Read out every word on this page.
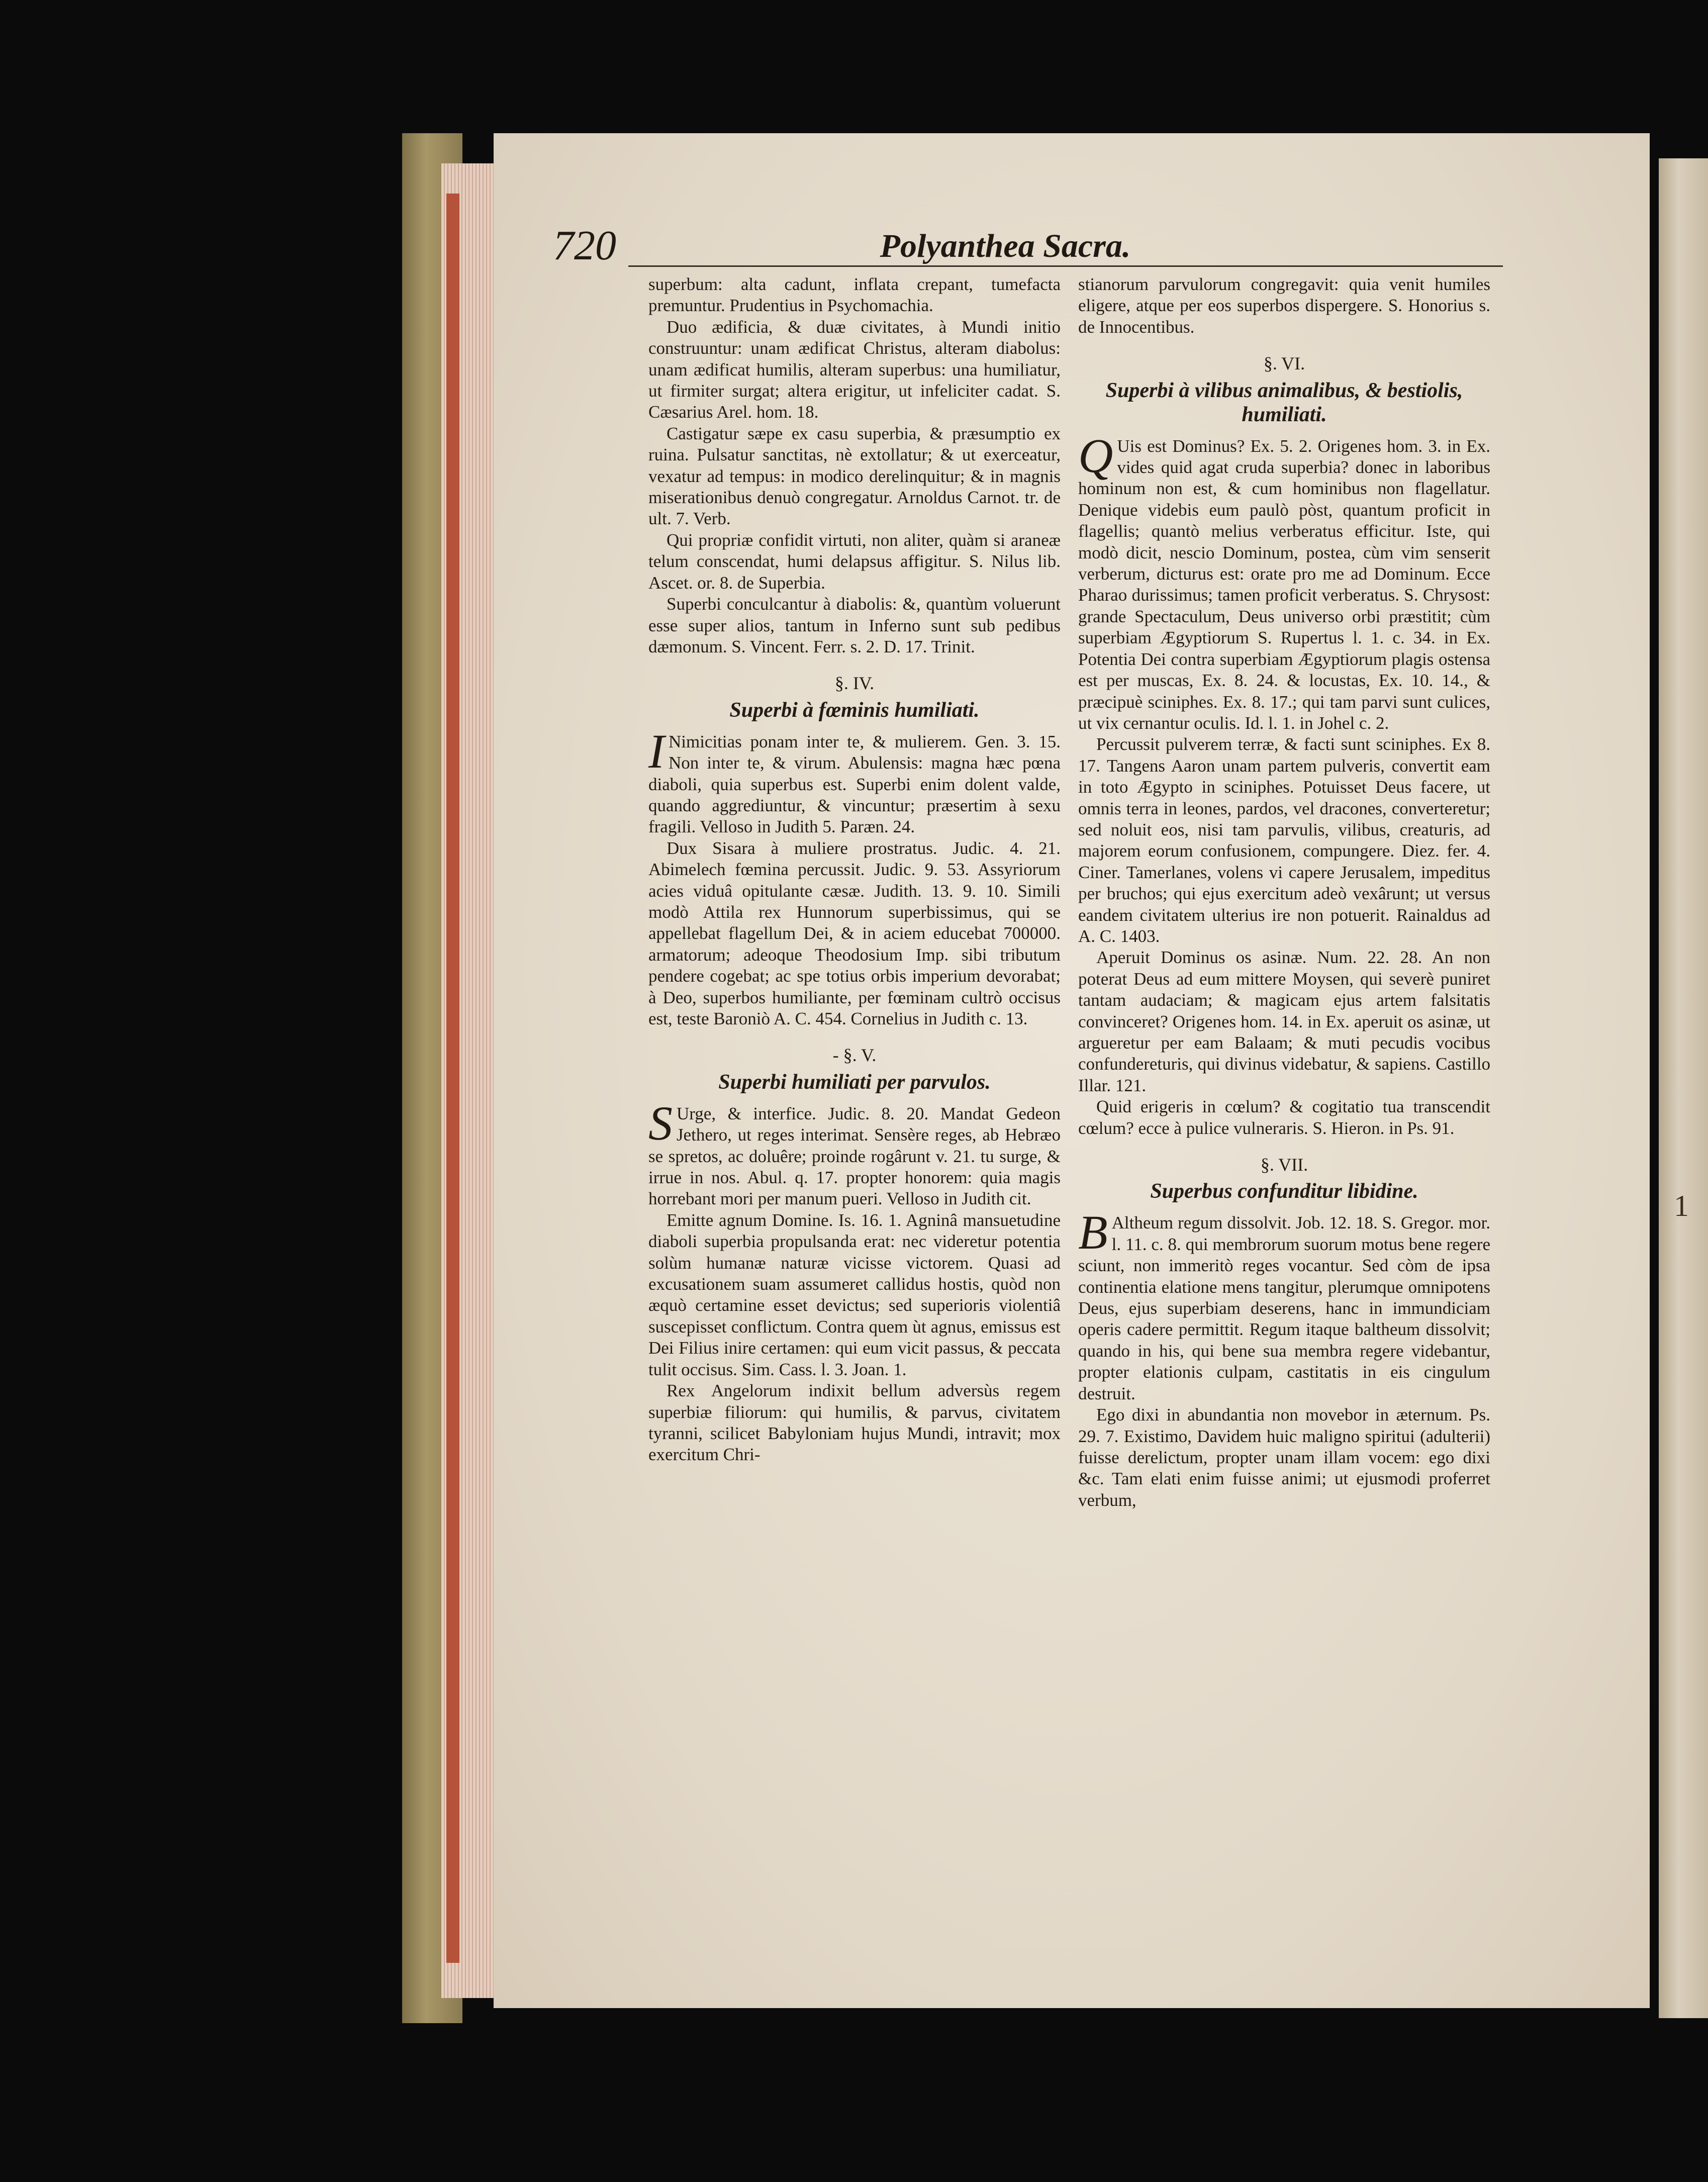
1
720	Polyanthea Sacra.

superbum: alta cadunt, inflata crepant, tumefacta premuntur. Prudentius in Psychomachia.

Duo ædificia, & duæ civitates, à Mundi initio construuntur: unam ædificat Christus, alteram diabolus: unam ædificat humilis, alteram superbus: una humiliatur, ut firmiter surgat; altera erigitur, ut infeliciter cadat. S. Cæsarius Arel. hom. 18.

Castigatur sæpe ex casu superbia, & præsumptio ex ruina. Pulsatur sanctitas, nè extollatur; & ut exerceatur, vexatur ad tempus: in modico derelinquitur; & in magnis miserationibus denuò congregatur. Arnoldus Carnot. tr. de ult. 7. Verb.

Qui propriæ confidit virtuti, non aliter, quàm si araneæ telum conscendat, humi delapsus affigitur. S. Nilus lib. Ascet. or. 8. de Superbia.

Superbi conculcantur à diabolis: &, quantùm voluerunt esse super alios, tantum in Inferno sunt sub pedibus dæmonum. S. Vincent. Ferr. s. 2. D. 17. Trinit.

§. IV.
Superbi à fœminis humiliati.

I Nimicitias ponam inter te, & mulierem. Gen. 3. 15. Non inter te, & virum. Abulensis: magna hæc pœna diaboli, quia superbus est. Superbi enim dolent valde, quando aggrediuntur, & vincuntur; præsertim à sexu fragili. Velloso in Judith 5. Paræn. 24.

Dux Sisara à muliere prostratus. Judic. 4. 21. Abimelech fœmina percussit. Judic. 9. 53. Assyriorum acies viduâ opitulante cæsæ. Judith. 13. 9. 10. Simili modò Attila rex Hunnorum superbissimus, qui se appellebat flagellum Dei, & in aciem educebat 700000. armatorum; adeoque Theodosium Imp. sibi tributum pendere cogebat; ac spe totius orbis imperium devorabat; à Deo, superbos humiliante, per fœminam cultrò occisus est, teste Baroniò A. C. 454. Cornelius in Judith c. 13.

- §. V.
Superbi humiliati per parvulos.

S Urge, & interfice. Judic. 8. 20. Mandat Gedeon Jethero, ut reges interimat. Sensère reges, ab Hebræo se spretos, ac doluêre; proinde rogârunt v. 21. tu surge, & irrue in nos. Abul. q. 17. propter honorem: quia magis horrebant mori per manum pueri. Velloso in Judith cit.

Emitte agnum Domine. Is. 16. 1. Agninâ mansuetudine diaboli superbia propulsanda erat: nec videretur potentia solùm humanæ naturæ vicisse victorem. Quasi ad excusationem suam assumeret callidus hostis, quòd non æquò certamine esset devictus; sed superioris violentiâ suscepisset conflictum. Contra quem ùt agnus, emissus est Dei Filius inire certamen: qui eum vicit passus, & peccata tulit occisus. Sim. Cass. l. 3. Joan. 1.

Rex Angelorum indixit bellum adversùs regem superbiæ filiorum: qui humilis, & parvus, civitatem tyranni, scilicet Babyloniam hujus Mundi, intravit; mox exercitum Chri-

stianorum parvulorum congregavit: quia venit humiles eligere, atque per eos superbos dispergere. S. Honorius s. de Innocentibus.

§. VI.
Superbi à vilibus animalibus, & bestiolis, humiliati.

Q Uis est Dominus? Ex. 5. 2. Origenes hom. 3. in Ex. vides quid agat cruda superbia? donec in laboribus hominum non est, & cum hominibus non flagellatur. Denique videbis eum paulò pòst, quantum proficit in flagellis; quantò melius verberatus efficitur. Iste, qui modò dicit, nescio Dominum, postea, cùm vim senserit verberum, dicturus est: orate pro me ad Dominum. Ecce Pharao durissimus; tamen proficit verberatus. S. Chrysost: grande Spectaculum, Deus universo orbi præstitit; cùm superbiam Ægyptiorum S. Rupertus l. 1. c. 34. in Ex. Potentia Dei contra superbiam Ægyptiorum plagis ostensa est per muscas, Ex. 8. 24. & locustas, Ex. 10. 14., & præcipuè sciniphes. Ex. 8. 17.; qui tam parvi sunt culices, ut vix cernantur oculis. Id. l. 1. in Johel c. 2.

Percussit pulverem terræ, & facti sunt sciniphes. Ex 8. 17. Tangens Aaron unam partem pulveris, convertit eam in toto Ægypto in sciniphes. Potuisset Deus facere, ut omnis terra in leones, pardos, vel dracones, converteretur; sed noluit eos, nisi tam parvulis, vilibus, creaturis, ad majorem eorum confusionem, compungere. Diez. fer. 4. Ciner. Tamerlanes, volens vi capere Jerusalem, impeditus per bruchos; qui ejus exercitum adeò vexârunt; ut versus eandem civitatem ulterius ire non potuerit. Rainaldus ad A. C. 1403.

Aperuit Dominus os asinæ. Num. 22. 28. An non poterat Deus ad eum mittere Moysen, qui severè puniret tantam audaciam; & magicam ejus artem falsitatis convinceret? Origenes hom. 14. in Ex. aperuit os asinæ, ut argueretur per eam Balaam; & muti pecudis vocibus confundereturis, qui divinus videbatur, & sapiens. Castillo Illar. 121.

Quid erigeris in cœlum? & cogitatio tua transcendit cœlum? ecce à pulice vulneraris. S. Hieron. in Ps. 91.

§. VII.
Superbus confunditur libidine.

B Altheum regum dissolvit. Job. 12. 18. S. Gregor. mor. l. 11. c. 8. qui membrorum suorum motus bene regere sciunt, non immeritò reges vocantur. Sed còm de ipsa continentia elatione mens tangitur, plerumque omnipotens Deus, ejus superbiam deserens, hanc in immundiciam operis cadere permittit. Regum itaque baltheum dissolvit; quando in his, qui bene sua membra regere videbantur, propter elationis culpam, castitatis in eis cingulum destruit.

Ego dixi in abundantia non movebor in æternum. Ps. 29. 7. Existimo, Davidem huic maligno spiritui (adulterii) fuisse derelictum, propter unam illam vocem: ego dixi &c. Tam elati enim fuisse animi; ut ejusmodi proferret verbum,
